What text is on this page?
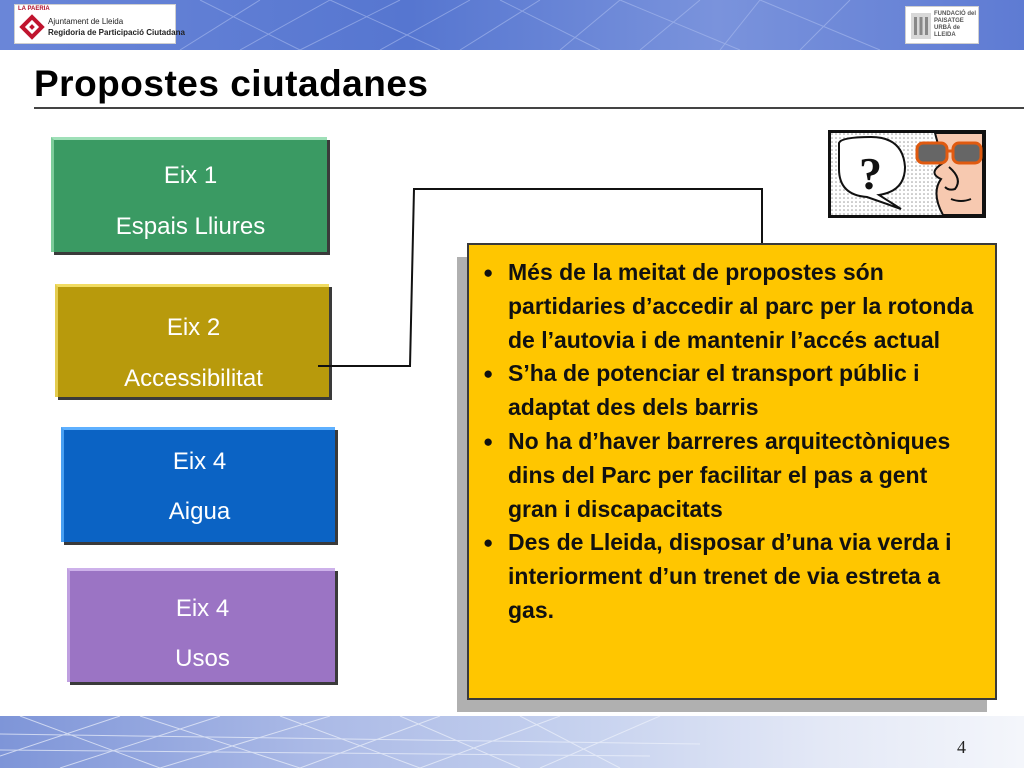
LA PAERIA
Ajuntament de Lleida
Regidoria de Participació Ciutadana
FUNDACIÓ del
PAISATGE
URBÀ de
LLEIDA
Propostes ciutadanes
Eix 1
Espais Lliures
Eix 2
Accessibilitat
Eix 4
Aigua
Eix 4
Usos
?
● Més de la meitat de propostes són partidaries d’accedir al parc per la rotonda de l’autovia i de mantenir l’accés actual
● S’ha de potenciar el transport públic i adaptat des dels barris
● No ha d’haver barreres arquitectòniques dins del Parc per facilitar el pas a gent gran i discapacitats
● Des de Lleida, disposar d’una via verda i interiorment d’un trenet de via estreta a gas.
4
